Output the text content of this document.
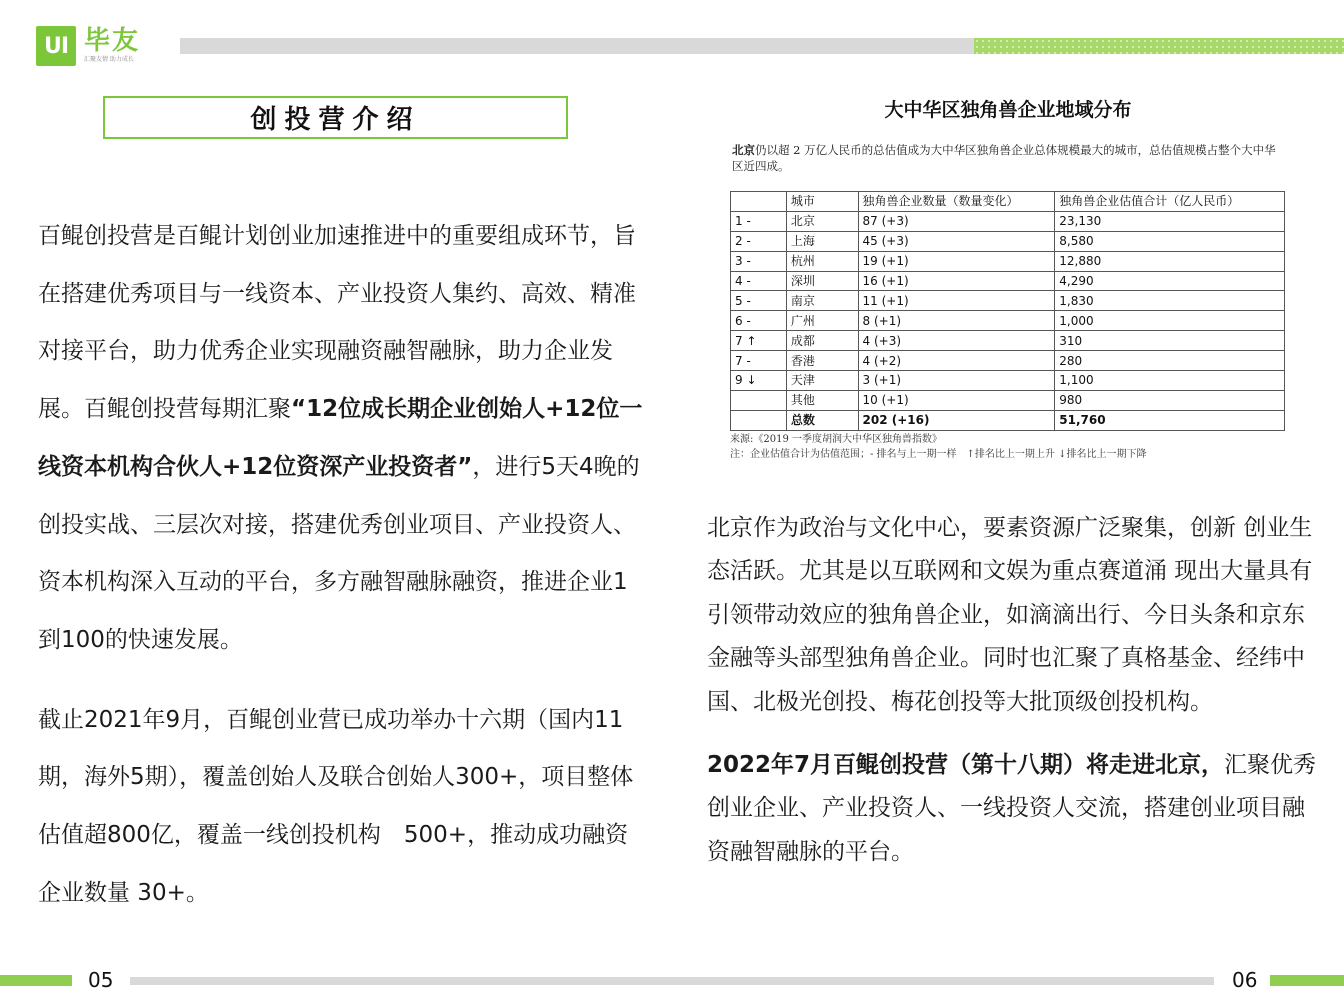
UI 毕友
汇聚友情 助力成长
创投营介绍

百鲲创投营是百鲲计划创业加速推进中的重要组成环节，旨在搭建优秀项目与一线资本、产业投资人集约、高效、精准对接平台，助力优秀企业实现融资融智融脉，助力企业发展。百鲲创投营每期汇聚“12位成长期企业创始人+12位一线资本机构合伙人+12位资深产业投资者”，进行5天4晚的创投实战、三层次对接，搭建优秀创业项目、产业投资人、资本机构深入互动的平台，多方融智融脉融资，推进企业1到100的快速发展。

截止2021年9月，百鲲创业营已成功举办十六期（国内11期，海外5期），覆盖创始人及联合创始人300+，项目整体估值超800亿，覆盖一线创投机构　500+，推动成功融资企业数量 30+。

大中华区独角兽企业地域分布

北京仍以超 2 万亿人民币的总估值成为大中华区独角兽企业总体规模最大的城市，总估值规模占整个大中华区近四成。

	城市	独角兽企业数量（数量变化）	独角兽企业估值合计（亿人民币）
1 -	北京	87 (+3)	23,130
2 -	上海	45 (+3)	8,580
3 -	杭州	19 (+1)	12,880
4 -	深圳	16 (+1)	4,290
5 -	南京	11 (+1)	1,830
6 -	广州	8 (+1)	1,000
7 ↑	成都	4 (+3)	310
7 -	香港	4 (+2)	280
9 ↓	天津	3 (+1)	1,100
	其他	10 (+1)	980
	总数	202 (+16)	51,760
来源:《2019 一季度胡润大中华区独角兽指数》
注：企业估值合计为估值范围；- 排名与上一期一样　↑排名比上一期上升 ↓排名比上一期下降

北京作为政治与文化中心，要素资源广泛聚集，创新 创业生态活跃。尤其是以互联网和文娱为重点赛道涌 现出大量具有引领带动效应的独角兽企业，如滴滴出行、今日头条和京东金融等头部型独角兽企业。同时也汇聚了真格基金、经纬中国、北极光创投、梅花创投等大批顶级创投机构。

2022年7月百鲲创投营（第十八期）将走进北京，汇聚优秀创业企业、产业投资人、一线投资人交流，搭建创业项目融资融智融脉的平台。

05	06
